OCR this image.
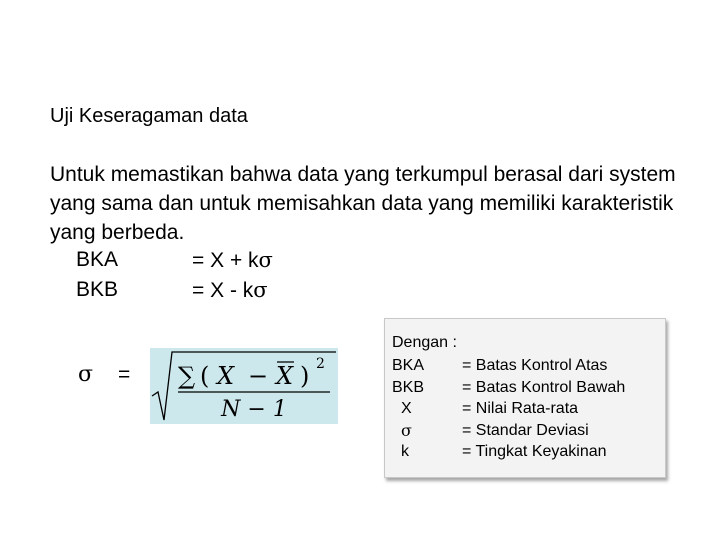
Uji Keseragaman data
Untuk memastikan bahwa data yang terkumpul berasal dari system yang sama dan untuk memisahkan data yang memiliki karakteristik yang berbeda.
BKA	= X + kσ
BKB	= X - kσ
σ = ∑ ( X − X ) 2
N − 1
Dengan :
BKA = Batas Kontrol Atas
BKB = Batas Kontrol Bawah
X	= Nilai Rata-rata
σ	= Standar Deviasi
k	= Tingkat Keyakinan
